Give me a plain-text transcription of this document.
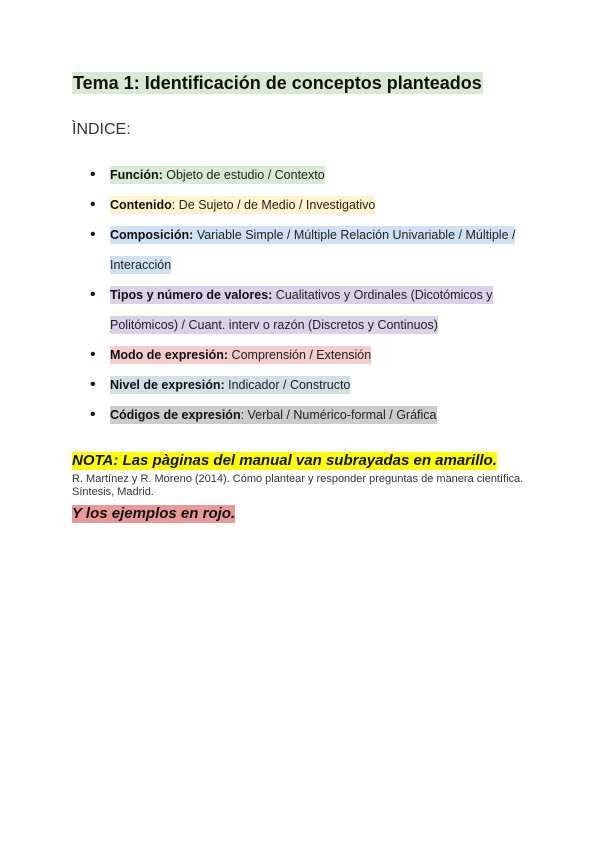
Tema 1: Identificación de conceptos planteados
ÌNDICE:
• Función: Objeto de estudio / Contexto
• Contenido: De Sujeto / de Medio / Investigativo
• Composición: Variable Simple / Múltiple Relación Univariable / Múltiple / Interacción
• Tipos y número de valores: Cualitativos y Ordinales (Dicotómicos y Politómicos) / Cuant. interv o razón (Discretos y Continuos)
• Modo de expresión: Comprensión / Extensión
• Nivel de expresión: Indicador / Constructo
• Códigos de expresión: Verbal / Numérico-formal / Gráfica
NOTA: Las pàginas del manual van subrayadas en amarillo.
R. Martínez y R. Moreno (2014). Cómo plantear y responder preguntas de manera científica. Síntesis, Madrid.
Y los ejemplos en rojo.
